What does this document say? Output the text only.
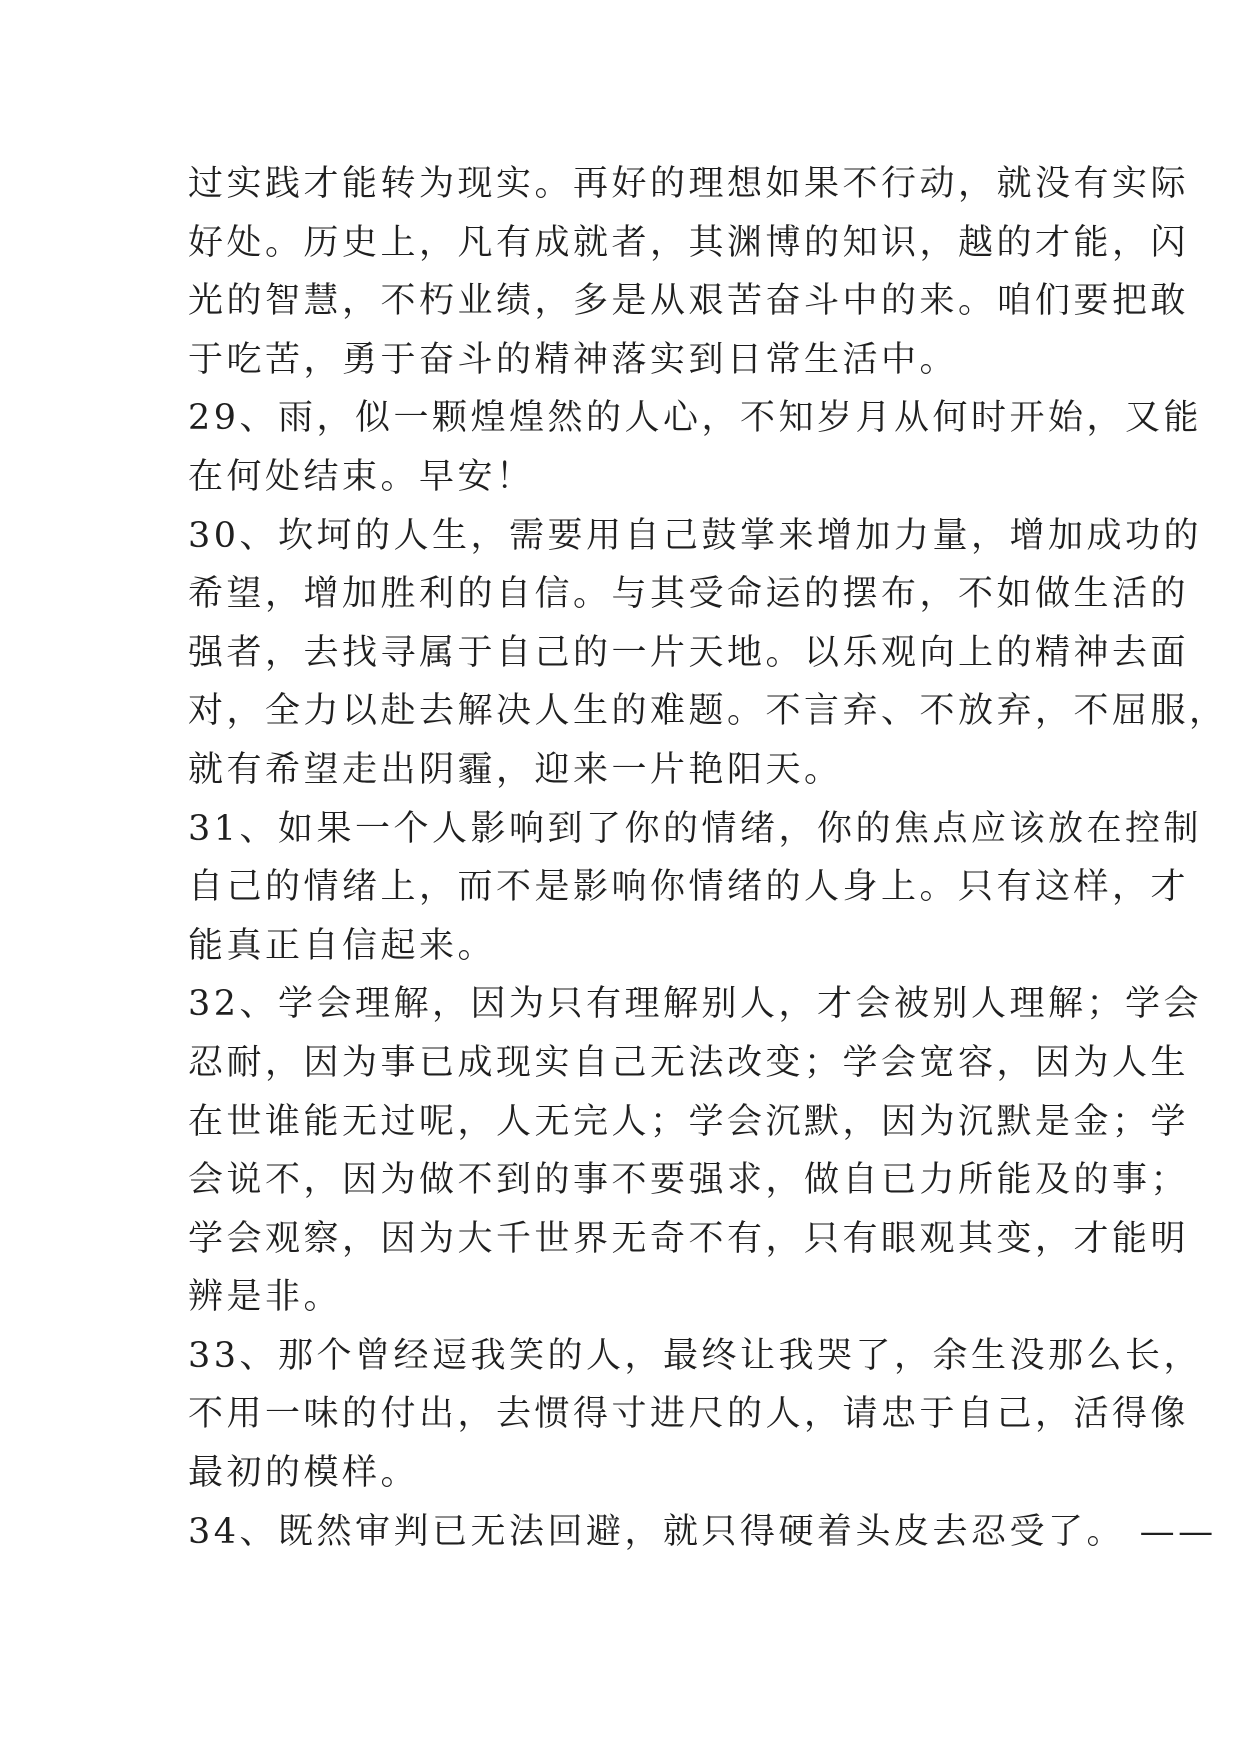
过实践才能转为现实。再好的理想如果不行动，就没有实际
好处。历史上，凡有成就者，其渊博的知识，越的才能，闪
光的智慧，不朽业绩，多是从艰苦奋斗中的来。咱们要把敢
于吃苦，勇于奋斗的精神落实到日常生活中。
29、雨，似一颗煌煌然的人心，不知岁月从何时开始，又能
在何处结束。早安！
30、坎坷的人生，需要用自己鼓掌来增加力量，增加成功的
希望，增加胜利的自信。与其受命运的摆布，不如做生活的
强者，去找寻属于自己的一片天地。以乐观向上的精神去面
对，全力以赴去解决人生的难题。不言弃、不放弃，不屈服，
就有希望走出阴霾，迎来一片艳阳天。
31、如果一个人影响到了你的情绪，你的焦点应该放在控制
自己的情绪上，而不是影响你情绪的人身上。只有这样，才
能真正自信起来。
32、学会理解，因为只有理解别人，才会被别人理解；学会
忍耐，因为事已成现实自己无法改变；学会宽容，因为人生
在世谁能无过呢，人无完人；学会沉默，因为沉默是金；学
会说不，因为做不到的事不要强求，做自已力所能及的事；
学会观察，因为大千世界无奇不有，只有眼观其变，才能明
辨是非。
33、那个曾经逗我笑的人，最终让我哭了，余生没那么长，
不用一味的付出，去惯得寸进尺的人，请忠于自己，活得像
最初的模样。
34、既然审判已无法回避，就只得硬着头皮去忍受了。 ——
